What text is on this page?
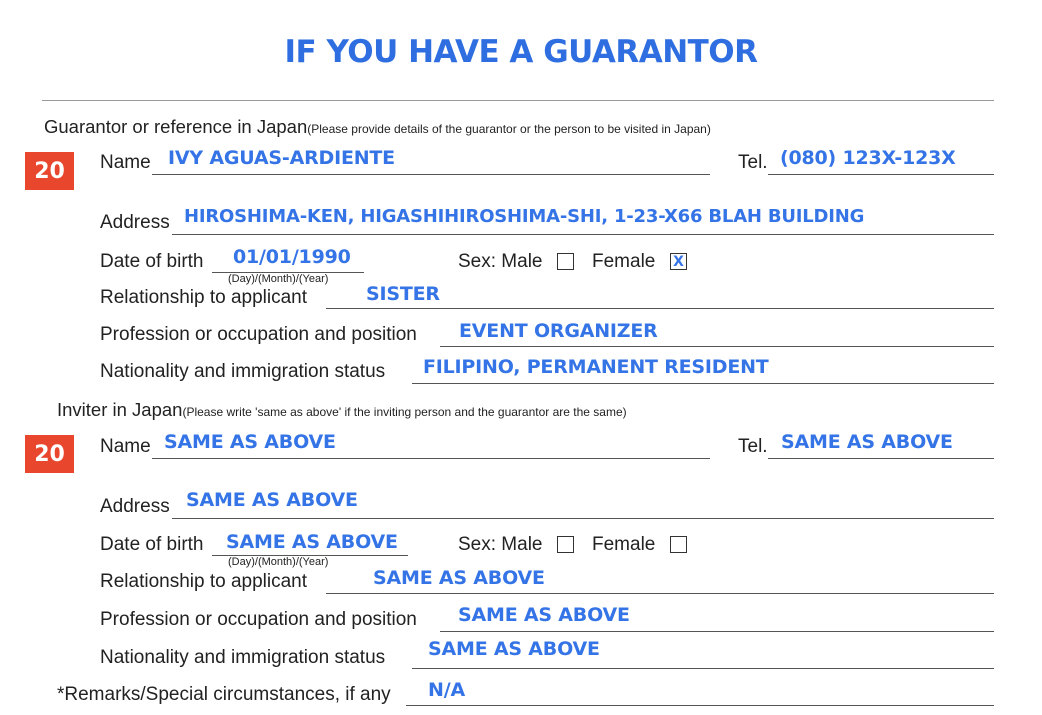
IF YOU HAVE A GUARANTOR
Guarantor or reference in Japan(Please provide details of the guarantor or the person to be visited in Japan)
20	Name IVY AGUAS-ARDIENTE	Tel. (080) 123X-123X
Address HIROSHIMA-KEN, HIGASHIHIROSHIMA-SHI, 1-23-X66 BLAH BUILDING
Date of birth 01/01/1990
(Day)/(Month)/(Year)
Sex: Male	Female X
Relationship to applicant	SISTER
Profession or occupation and position EVENT ORGANIZER
Nationality and immigration status FILIPINO, PERMANENT RESIDENT
Inviter in Japan(Please write 'same as above' if the inviting person and the guarantor are the same)
20	Name SAME AS ABOVE	Tel. SAME AS ABOVE
Address SAME AS ABOVE
Date of birth SAME AS ABOVE
(Day)/(Month)/(Year)
Sex: Male	Female
Relationship to applicant	SAME AS ABOVE
Profession or occupation and position SAME AS ABOVE
Nationality and immigration status SAME AS ABOVE
*Remarks/Special circumstances, if any N/A
